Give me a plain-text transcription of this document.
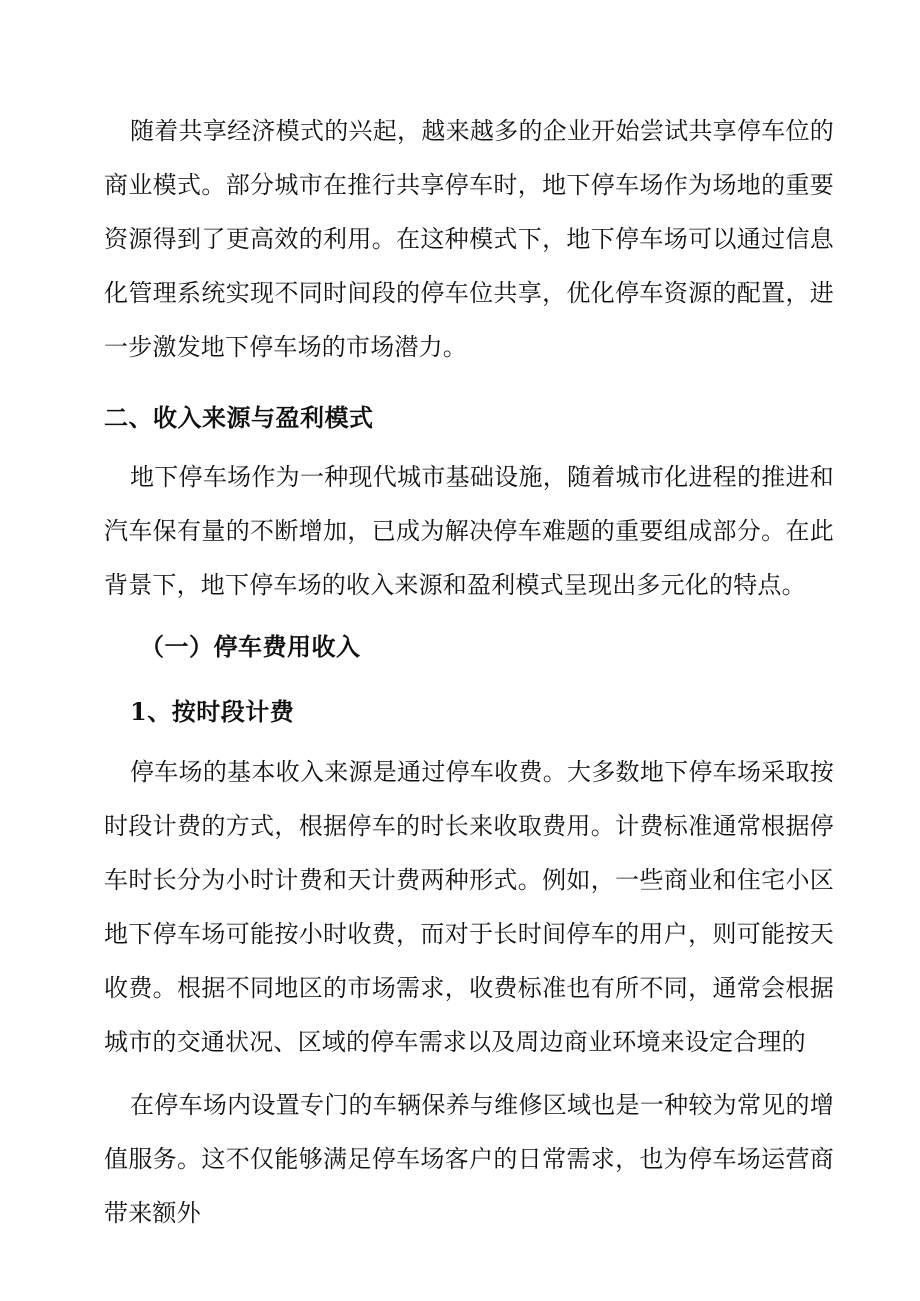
随着共享经济模式的兴起，越来越多的企业开始尝试共享停车位的商业模式。部分城市在推行共享停车时，地下停车场作为场地的重要资源得到了更高效的利用。在这种模式下，地下停车场可以通过信息化管理系统实现不同时间段的停车位共享，优化停车资源的配置，进一步激发地下停车场的市场潜力。

二、收入来源与盈利模式

地下停车场作为一种现代城市基础设施，随着城市化进程的推进和汽车保有量的不断增加，已成为解决停车难题的重要组成部分。在此背景下，地下停车场的收入来源和盈利模式呈现出多元化的特点。

（一）停车费用收入
1、按时段计费

停车场的基本收入来源是通过停车收费。大多数地下停车场采取按时段计费的方式，根据停车的时长来收取费用。计费标准通常根据停车时长分为小时计费和天计费两种形式。例如，一些商业和住宅小区地下停车场可能按小时收费，而对于长时间停车的用户，则可能按天收费。根据不同地区的市场需求，收费标准也有所不同，通常会根据城市的交通状况、区域的停车需求以及周边商业环境来设定合理的

在停车场内设置专门的车辆保养与维修区域也是一种较为常见的增值服务。这不仅能够满足停车场客户的日常需求，也为停车场运营商带来额外
